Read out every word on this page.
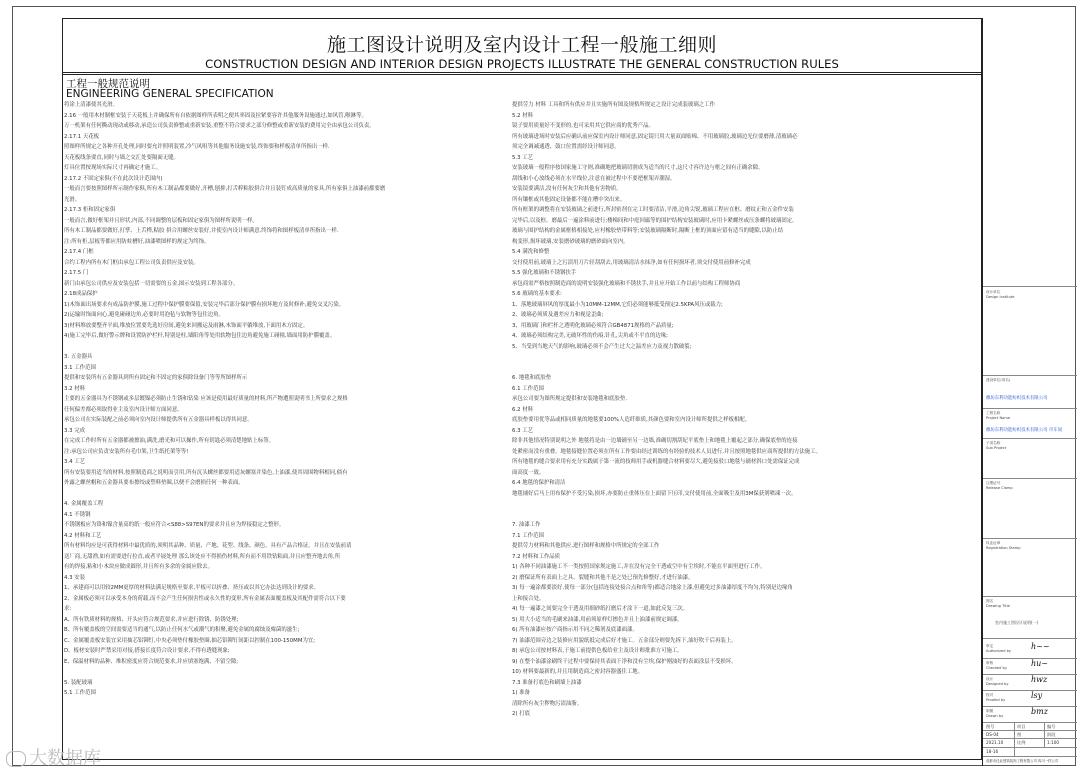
施工图设计说明及室内设计工程一般施工细则
CONSTRUCTION DESIGN AND INTERIOR DESIGN PROJECTS ILLUSTRATE THE GENERAL CONSTRUCTION RULES
工程一般规范说明
ENGINEERING GENERAL SPECIFICATION
将涂上清漆使其光滑。
2.16 一般用木材制框安装于天花板上并确保所有自依据图样所表明之便其率固及拉紧要容许其他服务设施通过,如风管,喉淋等。
万一机架有任何撕动现动或移动,承造公司负责修整或重新安装,重整不符合要求之部分修整或重新安装的费用完全由承包公司负责。
2.17.1 天花板
照图样所规定之各种开孔处理,同时要允许照明装置,冷气风咀等其他服务设施安装,终饰要和样板清单所指出一样.
天花板线条要直,同时与墙之交汇处要隔面无缝。
灯具位置按现场实际尺寸再确定才施工。
2.17.2 不固定家俱(不在此次设计范围内)
一般而言要按照图样所示制作家俱,所有木工制品都要做好,开槽,刨抑,打舌粹粘胶拼合并且装钉成高质量的家具,所有家俱上油漆前都要磨
光滑。
2.17.3 柜和固定家俱
一般而言,做好框架并且形状,内部,不同调整的层板和固定家俱为图样所说明一样。
所有木工制品都要做好,打孳、上舌榫,粘胶 拼合用螺丝安装好,并使室内设计师满意,终饰将和图样板清单所指出一样.
注:所有柜,层板等都应用防蛀槽好,油漆喷图样的规定为终饰。
2.17.4 门框
合约工程内所有木门框由承包工程公司负责供应及安装。
2.17.5 门
新门由承包公司供应及安装包括一切需要的五金,图示安装到工程各部分。
2.18成品保护
1)木饰面出场要求有成品防护膜,施工过程中保护膜要保留,安装完毕后部分保护膜有损坏地方及时修补,避免交叉污染。
2)运输时饰面向心,避免碰碰边角,必要时用泡毡与软物等包住边角。
3)材料堆放要整齐平面,堆放位置要先选好房间,避免来回搬运及雨淋,木饰面平躺堆放,下面用木方固定。
4)施工完毕后,做好警示牌和设置防护栏杆,特别是柱,墙阳角等处用软物包住边角避免施工碰撞,墙面用防护膜覆盖。
3. 五金器具
3.1 工作范围
提供和安装所有五金器具到所有固定和不固定的家俱除设备门等等所图样所示
3.2 材料
主要的五金器具为不锈钢或多层镀镍必须防止生锈和钻染 应该是使用最好质量的材料,所产物遭照说明书上所要求之规格
任何偏差都必须取得业主及室内设计师方面同意。
承包公司在实际装配之前必须向室内设计师提供所有五金器具样板以得其同意。
3.3 完成
在完成工作时所有五金器都被擦油,满洗,磨光和可以操作,所有钥匙必须清楚地贴上标签。
注:承包公司应负责安装所有毛巾架,卫生纸托架等等!
3.4 工艺
所有安装要用适当的材料,按照制造商之说明而引用,所有沉头螺丝都要用适灰螺塞并染色,上油漆,使其周围物料相同,倘有
外露之螺丝帽和五金器具要布擦绞或塑料垫圈,以便不会磨损任何一种表面。
4. 金属覆盖工程
4.1 不锈钢
不锈钢板应为铬和镍含量高的纸一般应符合<S88>S97EN的要求并且应为焊接稳定之整形。
4.2 材料和工艺
所有材料均应是可获得材料中最优质的,须明其品种、质量、产地、花型、线条、颜色、具有产品合格证。并且在安装前请
送厂商,无甜渔,如有需要进行拉直,或者平展处理 那么该处应不得损伤材料,所有而不用铁钻粘面,并且应整齐地去角,所
有的焊接,粘和小木块应做成圆形,并且所有多余的金属应除去。
4.3 安装
1、承建商可以用较2MM更厚的材料法满足规格至要求,平板可以折叠、挤压或以其它办法达到设计的要求。
2、金属板必须可以承受本身的荷载,而不会产生任何损害性或永久性的变形,所有金属表面覆盖板及其配件需符合以下要
求:
A、所有铁质材料的规格、开头应符合规范要求,并应进行除锈、防锈处理;
B、所有覆盖板的空间需要适当的通气,以防止任何水气或潮气的积聚,避免金属的腐蚀及霉菌的滋生;
C、金属覆盖板安装宜采用抽芯铝铆钉,中央必须垫付橡胶垫圈,抽芯铝铆钉间距以控制在100-150MM为宜;
D、板材安装时严禁采用对接,搭接长度符合设计要求,不得有透缝现象;
E、保温材料的品种、堆积密度应符合规范要求,并应填塞饱满、不留空隙;
5. 装配玻璃
5.1 工作范围
提供劳力 材料 工具和所有供应并且实施所有图及规格所规定之设计完成装玻璃之工作
5.2 材料
镜子要用质量好不变形的,也可采用其它供应商的优秀产品。
所有玻璃进场时安装后应确认前应保室内设计师同意,固定镜只用大量双面贴棉、不用玻璃胶,玻璃边光位要磨薄,清玻璃必
须完全调减通透、鼓口位置需经设计师同意。
5.3 工艺
安装玻璃一般程序按国家施工守则,准确地把玻璃切割成为适当的尺寸,这尺寸容许边与框之间有正确余隙。
刮线和小心放线必须在水平线位,注意在被过程中不要把框架弄潮湿。
安装镜要满洁,没有任何灰尘和其他有害物质。
所有镶框或其他固定设备都不能在槽中突出来。
所有框架的调整将在安装玻璃之前进行,所封密剂在完工时要清洁,平滑,边角尖锐,玻璃工程应在框、磨纹正和五金件安装
完毕后,以及框、磨最后一遍涂料前进行;楼梯间和中庭回廊等的围护结构安装玻璃时,应用卡紧螺丝或压条螺将玻璃固定,
玻璃与围护结构的金属框格相接处,应衬橡胶垫带料等;安装玻璃隔断时,隔断上框的顶面应留有适当的缝隙,以防止结
构变形,损坏玻璃,安装磨砂玻璃的磨砂面向室内。
5.4 满洗和修整
交付使用前,玻璃上之污渍用刀片轻刮刮去,用玻璃清洁水抹净,如有任何损坏者,须交付使用前修补完成
5.5 强化玻璃和不锈钢扶手
承包商需严格按照制造商的说明安装强化玻璃和不锈扶手,并且应开始工作以前与结构工程师协商
5.6 玻璃的基本要求:
1、落地玻璃屏风的厚度最小为10MM-12MM,它们必须能够抵受预定2.5KPA风压或载力;
2、玻璃必须质及遇差应力和视觉歪曲;
3、用玻璃门和栏杆之透明化玻璃必须符合GB4871规格的产品质量;
4、玻璃必须结构完美,无破坏性的伤痕,针孔,尖角或不平直的边缘;
5、当受到当地天气的影响,玻璃必须不会产生过大之温差应力及视力散破裂;
6. 地毯和底胶垫
6.1 工作范围
承包公司要为图所规定提供和安装地毯和底胶垫.
6.2 材料
底胶垫要用优等品或相同质量的地毯要100%人造纤维质,其颜色要和室内设计师所提供之样板相配。
6.3 工艺
除非其他情况特别说明之外 地毯将是由一边墙铺至另一边墙,准确切割刮妃平底垫上和地毯上覆起之部分,确保底垫的连接
处紧密而没有重叠。地毯接缝位置必须在所有工作要由经过训练的有经验的技术人员进行,并且按照地毯供应商所提供的方法施工。
所有地毯的缝合要求用有充分实践属于第一流的技师用手或机器缝合材料要尽大,避免接驳口地毯与铺材斜口处需保证完成
面高度一致。
6.4 地毯的保护和清洁
地毯铺好后马上用布保护不受污染,损坏,亦要防止重体压在上面留下压印,交付使用前,全面吸尘及用3M保获剂喷凍一次。
7. 油漆工作
7.1 工作范围
提供劳力材料和其他供应,进行图样和规格中所规定的全部工作
7.2 材料和工作品质
1) 各种不同油漆施工不一类按照国家规定施工,并在没有完全干透或空中有尘埃时,不能在平面里进行工作。
2) 磨保证所有表面上之具、裂缝和其他不是之处已预先修整好,才进行油漆。
3) 每一遍涂都要淡好,使每一部分(包括连接处接合点和角等)都适合地涂上漆,但避免过多油漆厚度不均匀,特别是边缘角
上和接合处。
4) 每一遍漆之间要完全干透及用细砂纸打磨后才涂下一道,如此反复三次。
5) 用大小适当的毛刷来油漆,用前须原样灯擦色并且上油漆前规定调漆。
6) 所有油漆应按产商指示用不同之稀剂及底漆面漆。
7) 油漆范围旁边之装修应用貌纸抵完成后好才施工。五金部分则要先拆下,油好吹干后再装上。
8) 承包公司按材料表,于施工前提供色板给业主及设计师批准方可施工。
9) 在整个油漆涂刷终干过程中要保持其表面干净和没有尘埃,保护刚油好的表面涂层不受损坏。
10) 材料要最新的,并且用制造商之密封容器盛住工地。
7.3 准备打底色和刷墙上油漆
1) 准备
清除所有灰尘秽物污渍油脂。
2) 打底
设计单位
Design Institute
建设单位(项名)
潍坊东利功能纺织技术有限公司
工程名称
Project Name
潍坊东利功能纺织技术有限公司 市车间
子项名称
Sub Project
注册证号
Release Clamp
执业证章
Registration Stamp
图名
Drawing Title
室内施工图设计说明(一)
审定
Authorized by h~~
审核
Checked by	hu~
设计
Designed by	hwz
校对
Proofed by	lsy
制图
Drawn by	bmz
图号	项目	编号
DS-04	图	阶段
2021.10	比例	1:100
18-16
成都市佳业建筑装饰工程有限公司 四川一样公司
大数据库
